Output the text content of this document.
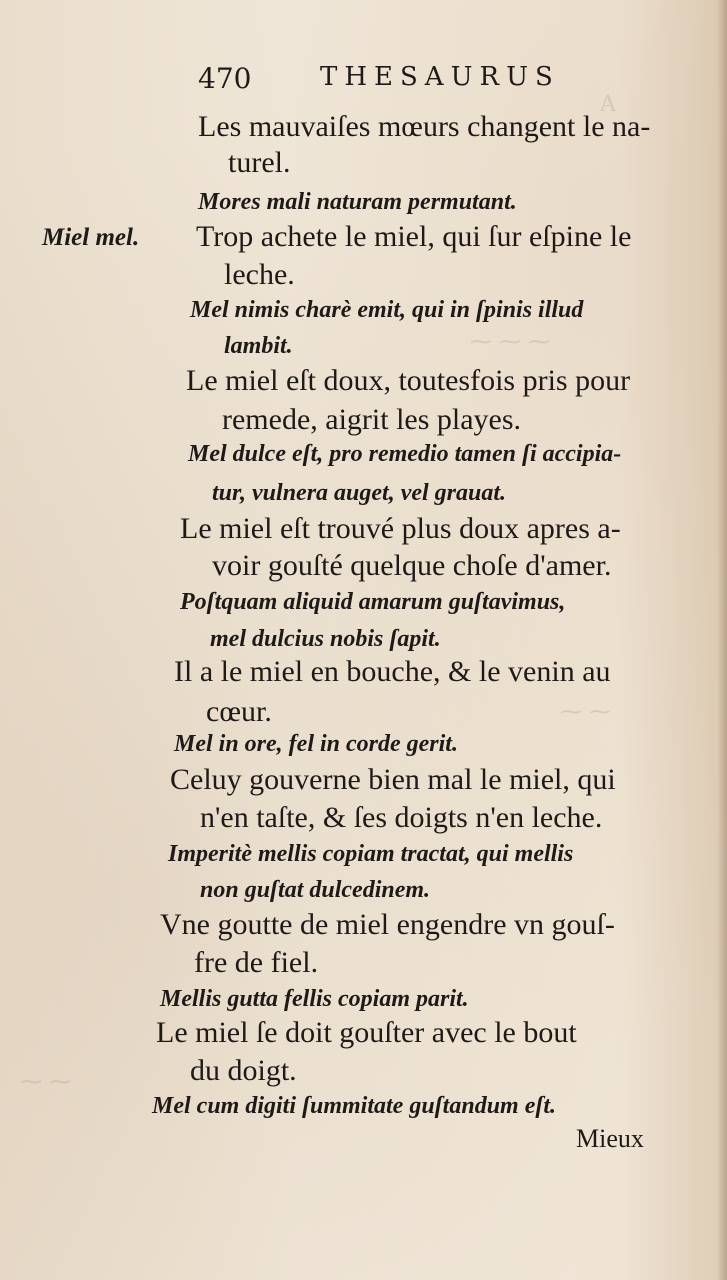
A
⁓ ⁓ ⁓
⁓ ⁓
⁓ ⁓
470	THESAURUS
Miel mel.
Les mauvaiſes mœurs changent le na-
turel.
Mores mali naturam permutant.
Trop achete le miel, qui ſur eſpine le
leche.
Mel nimis charè emit, qui in ſpinis illud
lambit.
Le miel eſt doux, toutesfois pris pour
remede, aigrit les playes.
Mel dulce eſt, pro remedio tamen ſi accipia-
tur, vulnera auget, vel grauat.
Le miel eſt trouvé plus doux apres a-
voir gouſté quelque choſe d'amer.
Poſtquam aliquid amarum guſtavimus,
mel dulcius nobis ſapit.
Il a le miel en bouche, & le venin au
cœur.
Mel in ore, fel in corde gerit.
Celuy gouverne bien mal le miel, qui
n'en taſte, & ſes doigts n'en leche.
Imperitè mellis copiam tractat, qui mellis
non guſtat dulcedinem.
Vne goutte de miel engendre vn gouſ-
fre de fiel.
Mellis gutta fellis copiam parit.
Le miel ſe doit gouſter avec le bout
du doigt.
Mel cum digiti ſummitate guſtandum eſt.
Mieux
